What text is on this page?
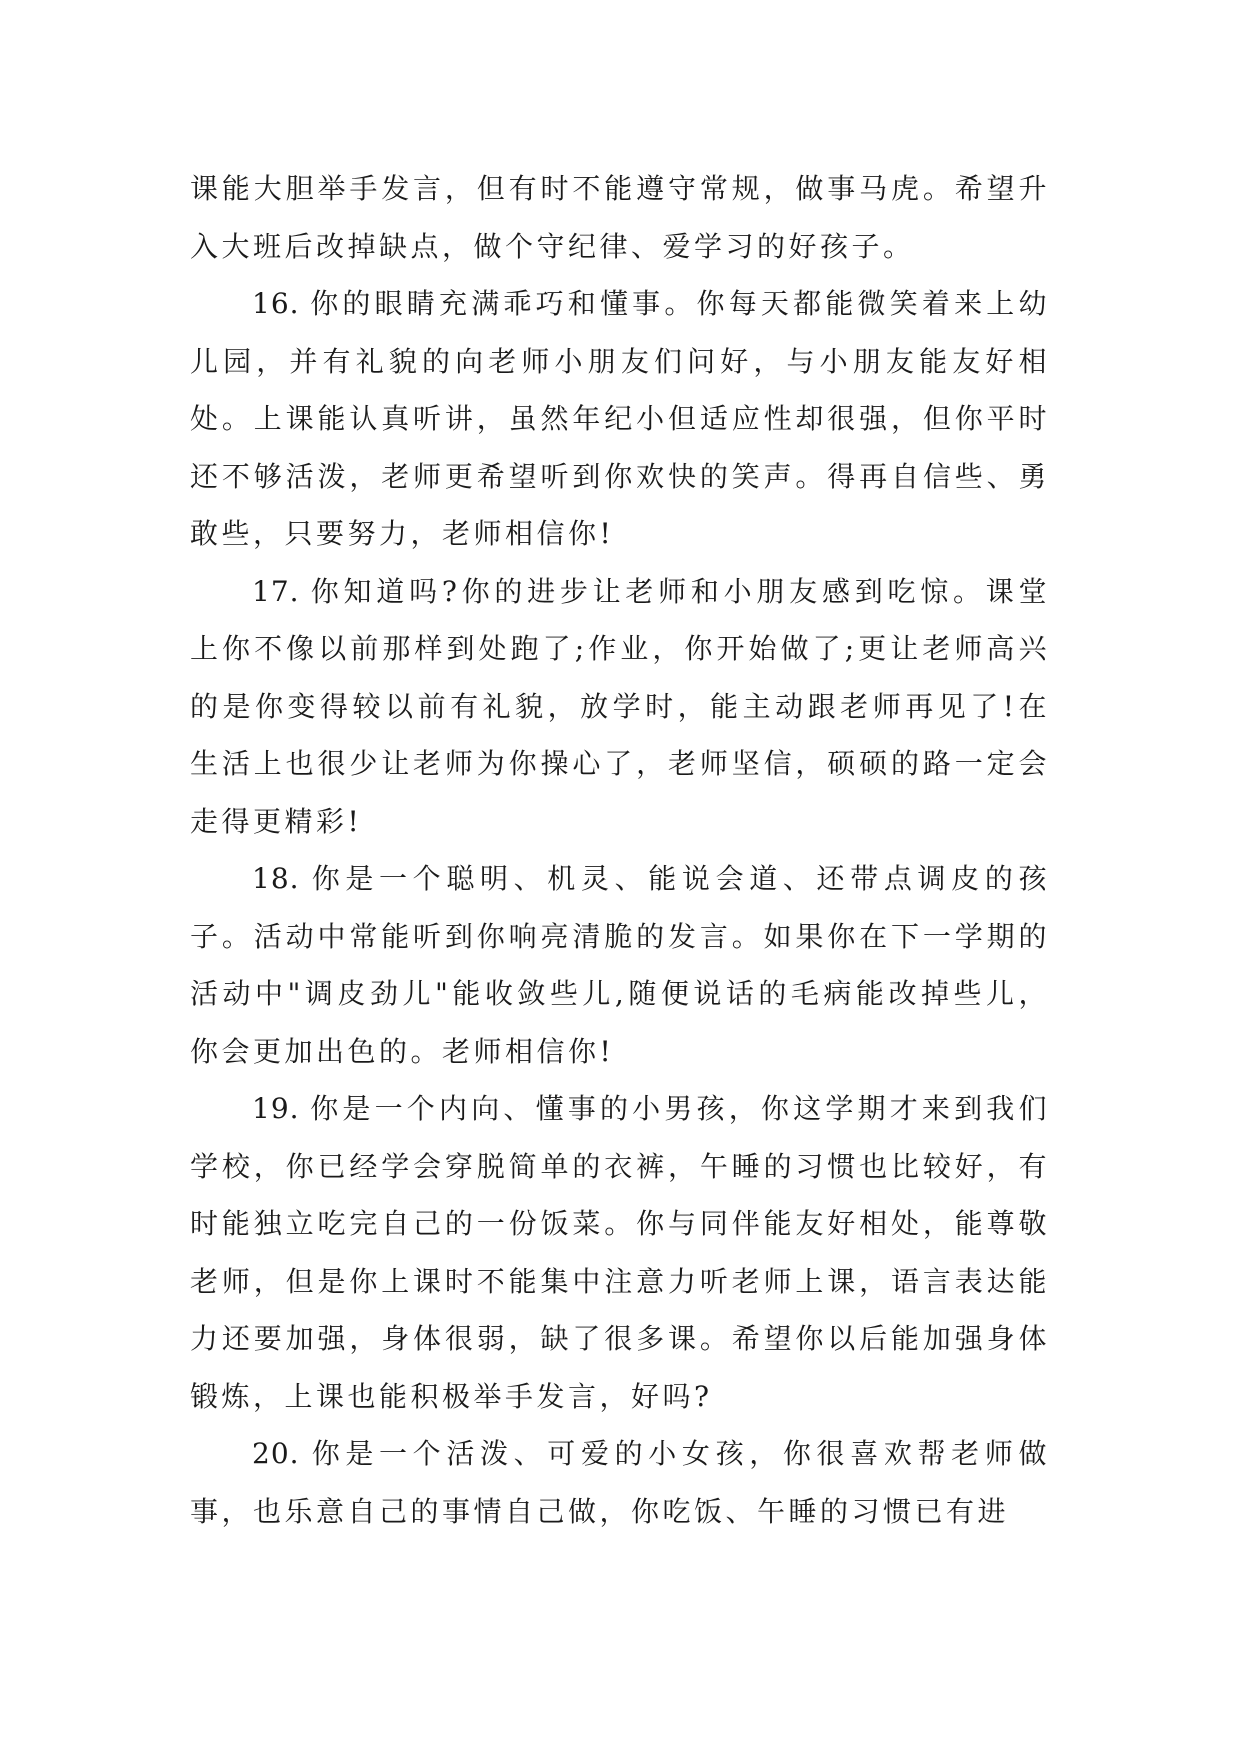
课能大胆举手发言，但有时不能遵守常规，做事马虎。希望升入大班后改掉缺点，做个守纪律、爱学习的好孩子。

16. 你的眼睛充满乖巧和懂事。你每天都能微笑着来上幼儿园，并有礼貌的向老师小朋友们问好，与小朋友能友好相处。上课能认真听讲，虽然年纪小但适应性却很强，但你平时还不够活泼，老师更希望听到你欢快的笑声。得再自信些、勇敢些，只要努力，老师相信你!

17. 你知道吗?你的进步让老师和小朋友感到吃惊。课堂上你不像以前那样到处跑了;作业，你开始做了;更让老师高兴的是你变得较以前有礼貌，放学时，能主动跟老师再见了!在生活上也很少让老师为你操心了，老师坚信，硕硕的路一定会走得更精彩!

18. 你是一个聪明、机灵、能说会道、还带点调皮的孩子。活动中常能听到你响亮清脆的发言。如果你在下一学期的活动中"调皮劲儿"能收敛些儿,随便说话的毛病能改掉些儿，你会更加出色的。老师相信你!

19. 你是一个内向、懂事的小男孩，你这学期才来到我们学校，你已经学会穿脱简单的衣裤，午睡的习惯也比较好，有时能独立吃完自己的一份饭菜。你与同伴能友好相处，能尊敬老师，但是你上课时不能集中注意力听老师上课，语言表达能力还要加强，身体很弱，缺了很多课。希望你以后能加强身体锻炼，上课也能积极举手发言，好吗?

20. 你是一个活泼、可爱的小女孩，你很喜欢帮老师做事，也乐意自己的事情自己做，你吃饭、午睡的习惯已有进
